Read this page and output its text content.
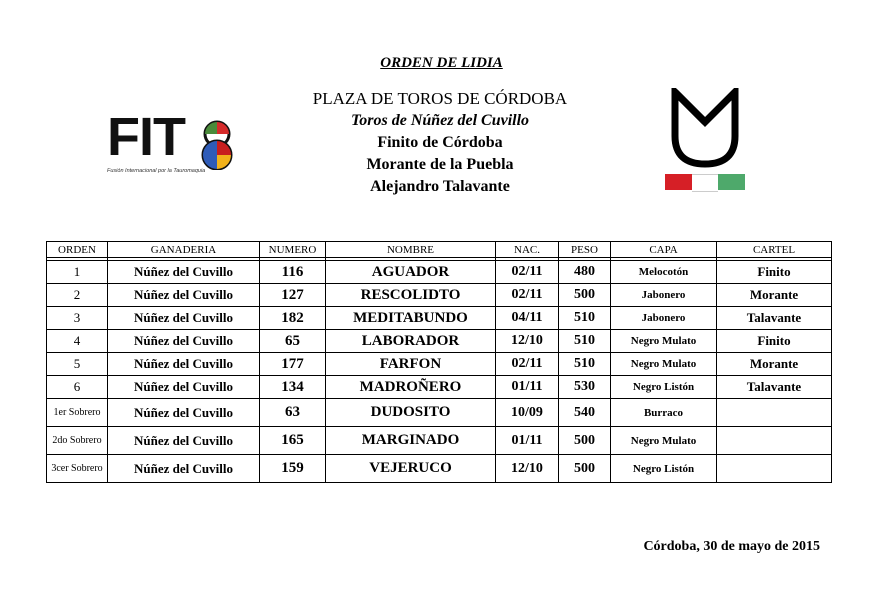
ORDEN DE LIDIA
FIT
Fusión Internacional por la Tauromaquia
PLAZA DE TOROS DE CÓRDOBA
Toros de Núñez del Cuvillo
Finito de Córdoba
Morante de la Puebla
Alejandro Talavante
ORDEN	GANADERIA	NUMERO	NOMBRE	NAC.	PESO	CAPA	CARTEL

1	Núñez del Cuvillo	116	AGUADOR	02/11	480	Melocotón	Finito
2	Núñez del Cuvillo	127	RESCOLIDTO	02/11	500	Jabonero	Morante
3	Núñez del Cuvillo	182	MEDITABUNDO	04/11	510	Jabonero	Talavante
4	Núñez del Cuvillo	65	LABORADOR	12/10	510	Negro Mulato	Finito
5	Núñez del Cuvillo	177	FARFON	02/11	510	Negro Mulato	Morante
6	Núñez del Cuvillo	134	MADROÑERO	01/11	530	Negro Listón	Talavante
1er Sobrero	Núñez del Cuvillo	63	DUDOSITO	10/09	540	Burraco	
2do Sobrero	Núñez del Cuvillo	165	MARGINADO	01/11	500	Negro Mulato	
3cer Sobrero	Núñez del Cuvillo	159	VEJERUCO	12/10	500	Negro Listón	
Córdoba, 30 de mayo de 2015
